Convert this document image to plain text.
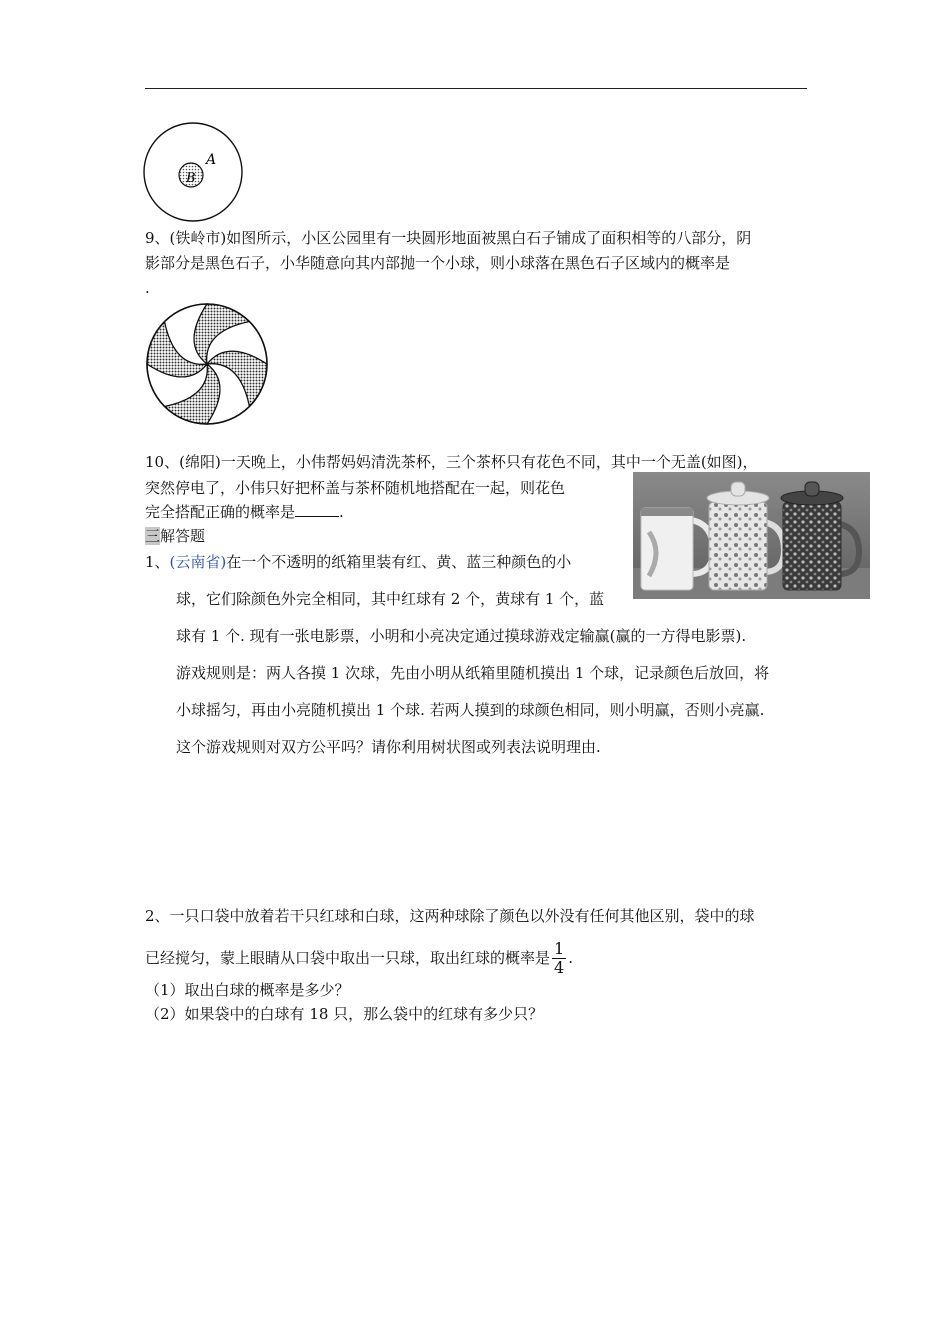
A
B
9、(铁岭市)如图所示，小区公园里有一块圆形地面被黑白石子铺成了面积相等的八部分，阴
影部分是黑色石子，小华随意向其内部抛一个小球，则小球落在黑色石子区域内的概率是
.
10、(绵阳)一天晚上，小伟帮妈妈清洗茶杯，三个茶杯只有花色不同，其中一个无盖(如图)，
突然停电了，小伟只好把杯盖与茶杯随机地搭配在一起，则花色
完全搭配正确的概率是	.
三解答题
1、(云南省)在一个不透明的纸箱里装有红、黄、蓝三种颜色的小
球，它们除颜色外完全相同，其中红球有 2 个，黄球有 1 个，蓝
球有 1 个. 现有一张电影票，小明和小亮决定通过摸球游戏定输赢(赢的一方得电影票).
游戏规则是：两人各摸 1 次球，先由小明从纸箱里随机摸出 1 个球，记录颜色后放回，将
小球摇匀，再由小亮随机摸出 1 个球. 若两人摸到的球颜色相同，则小明赢，否则小亮赢.
这个游戏规则对双方公平吗？请你利用树状图或列表法说明理由.
2、一只口袋中放着若干只红球和白球，这两种球除了颜色以外没有任何其他区别，袋中的球
已经搅匀，蒙上眼睛从口袋中取出一只球，取出红球的概率是 $\frac{1}{4}$ .
（1）取出白球的概率是多少？
（2）如果袋中的白球有 18 只，那么袋中的红球有多少只？
